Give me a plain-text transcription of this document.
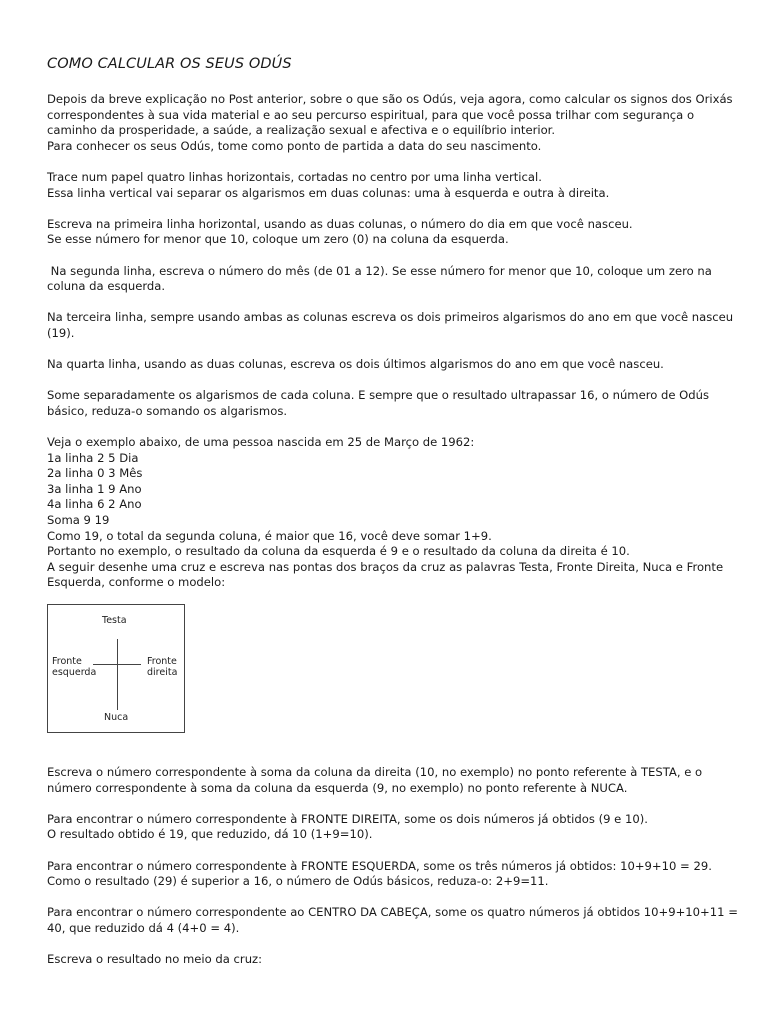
COMO CALCULAR OS SEUS ODÚS
Depois da breve explicação no Post anterior, sobre o que são os Odús, veja agora, como calcular os signos dos Orixás
correspondentes à sua vida material e ao seu percurso espiritual, para que você possa trilhar com segurança o
caminho da prosperidade, a saúde, a realização sexual e afectiva e o equilíbrio interior.
Para conhecer os seus Odús, tome como ponto de partida a data do seu nascimento.
Trace num papel quatro linhas horizontais, cortadas no centro por uma linha vertical.
Essa linha vertical vai separar os algarismos em duas colunas: uma à esquerda e outra à direita.
Escreva na primeira linha horizontal, usando as duas colunas, o número do dia em que você nasceu.
Se esse número for menor que 10, coloque um zero (0) na coluna da esquerda.
Na segunda linha, escreva o número do mês (de 01 a 12). Se esse número for menor que 10, coloque um zero na
coluna da esquerda.
Na terceira linha, sempre usando ambas as colunas escreva os dois primeiros algarismos do ano em que você nasceu
(19).
Na quarta linha, usando as duas colunas, escreva os dois últimos algarismos do ano em que você nasceu.
Some separadamente os algarismos de cada coluna. E sempre que o resultado ultrapassar 16, o número de Odús
básico, reduza-o somando os algarismos.
Veja o exemplo abaixo, de uma pessoa nascida em 25 de Março de 1962:
1a linha 2 5 Dia
2a linha 0 3 Mês
3a linha 1 9 Ano
4a linha 6 2 Ano
Soma 9 19
Como 19, o total da segunda coluna, é maior que 16, você deve somar 1+9.
Portanto no exemplo, o resultado da coluna da esquerda é 9 e o resultado da coluna da direita é 10.
A seguir desenhe uma cruz e escreva nas pontas dos braços da cruz as palavras Testa, Fronte Direita, Nuca e Fronte
Esquerda, conforme o modelo:
Testa
Nuca
Fronte
esquerda
Fronte
direita
Escreva o número correspondente à soma da coluna da direita (10, no exemplo) no ponto referente à TESTA, e o
número correspondente à soma da coluna da esquerda (9, no exemplo) no ponto referente à NUCA.
Para encontrar o número correspondente à FRONTE DIREITA, some os dois números já obtidos (9 e 10).
O resultado obtido é 19, que reduzido, dá 10 (1+9=10).
Para encontrar o número correspondente à FRONTE ESQUERDA, some os três números já obtidos: 10+9+10 = 29.
Como o resultado (29) é superior a 16, o número de Odús básicos, reduza-o: 2+9=11.
Para encontrar o número correspondente ao CENTRO DA CABEÇA, some os quatro números já obtidos 10+9+10+11 =
40, que reduzido dá 4 (4+0 = 4).
Escreva o resultado no meio da cruz:
